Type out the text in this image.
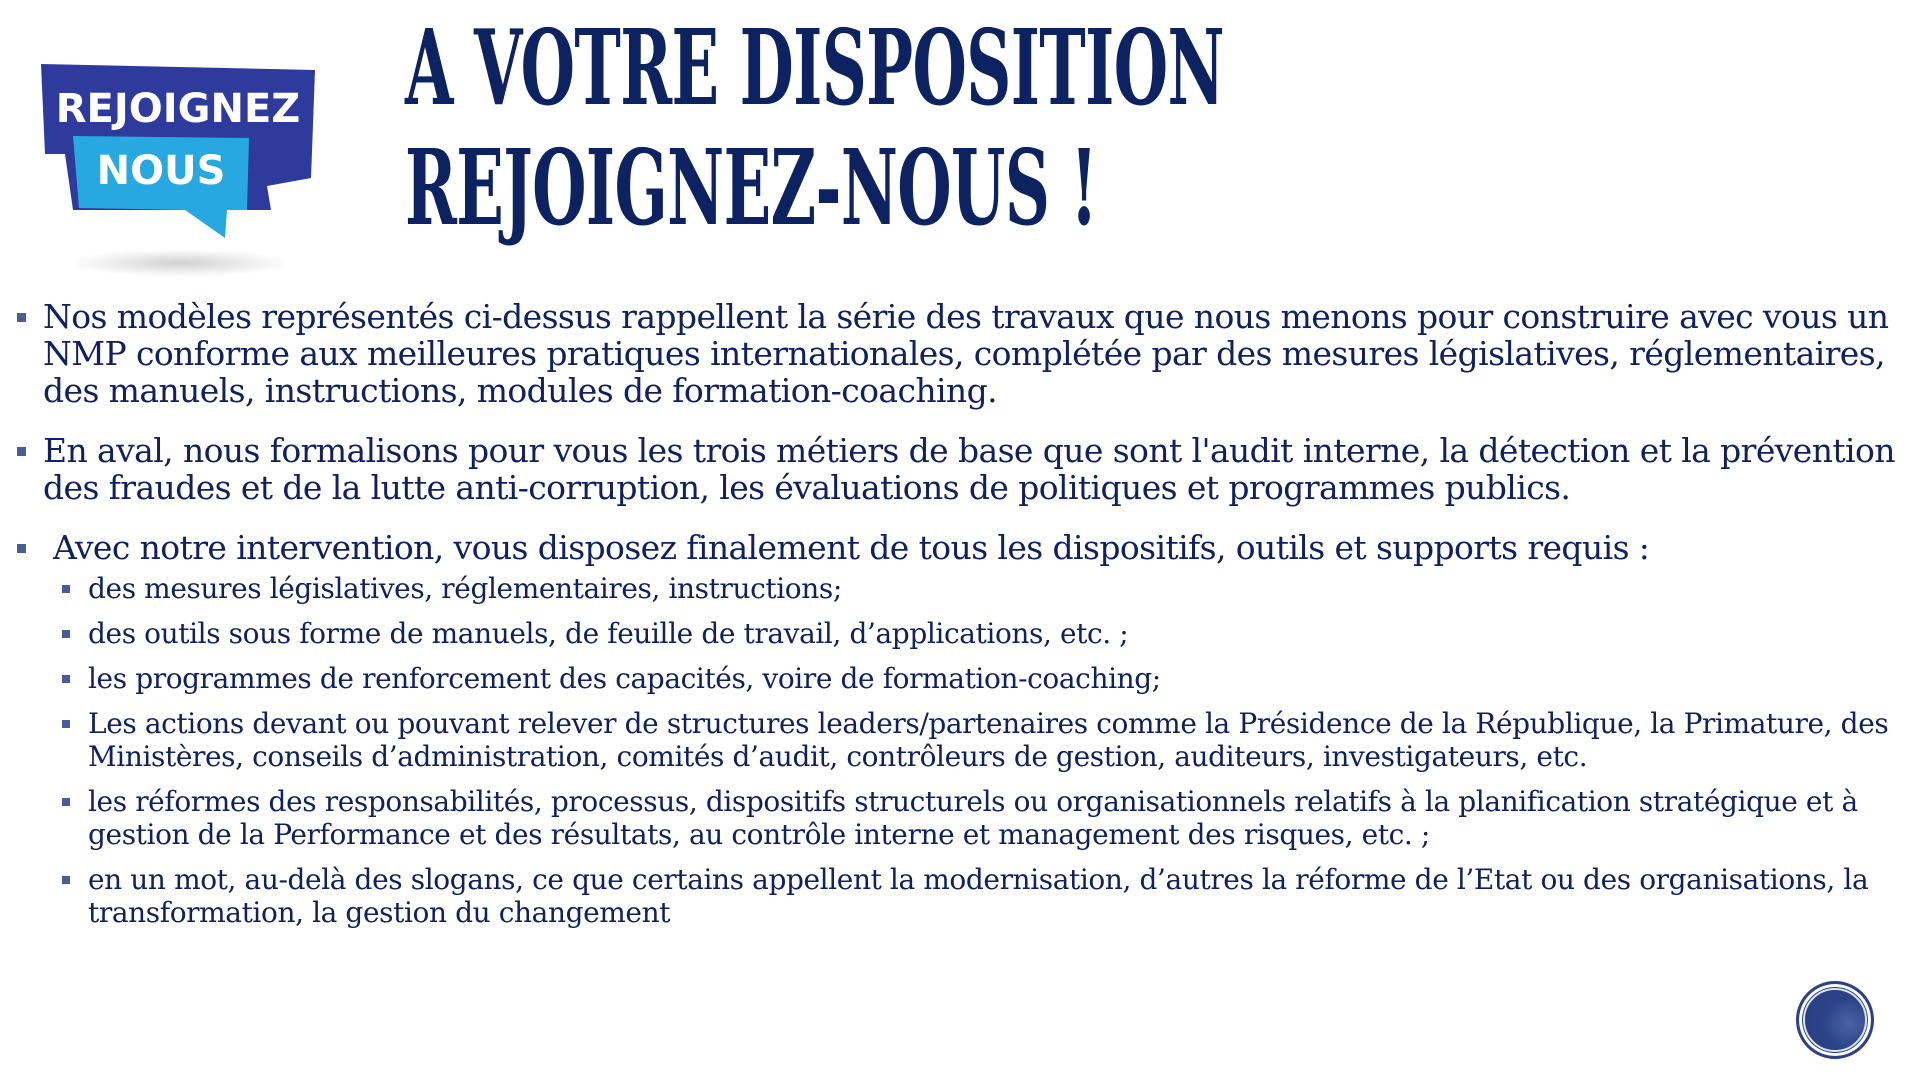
REJOIGNEZ
NOUS
A VOTRE DISPOSITION
REJOIGNEZ-NOUS !
Nos modèles représentés ci-dessus rappellent la série des travaux que nous menons pour construire avec vous un NMP conforme aux meilleures pratiques internationales, complétée par des mesures législatives, réglementaires, des manuels, instructions, modules de formation-coaching.
En aval, nous formalisons pour vous les trois métiers de base que sont l'audit interne, la détection et la prévention des fraudes et de la lutte anti-corruption, les évaluations de politiques et programmes publics.
Avec notre intervention, vous disposez finalement de tous les dispositifs, outils et supports requis :
des mesures législatives, réglementaires, instructions;
des outils sous forme de manuels, de feuille de travail, d’applications, etc. ;
les programmes de renforcement des capacités, voire de formation-coaching;
Les actions devant ou pouvant relever de structures leaders/partenaires comme la Présidence de la République, la Primature, des Ministères, conseils d’administration, comités d’audit, contrôleurs de gestion, auditeurs, investigateurs, etc.
les réformes des responsabilités, processus, dispositifs structurels ou organisationnels relatifs à la planification stratégique et à gestion de la Performance et des résultats, au contrôle interne et management des risques, etc. ;
en un mot, au-delà des slogans, ce que certains appellent la modernisation, d’autres la réforme de l’Etat ou des organisations, la transformation, la gestion du changement
